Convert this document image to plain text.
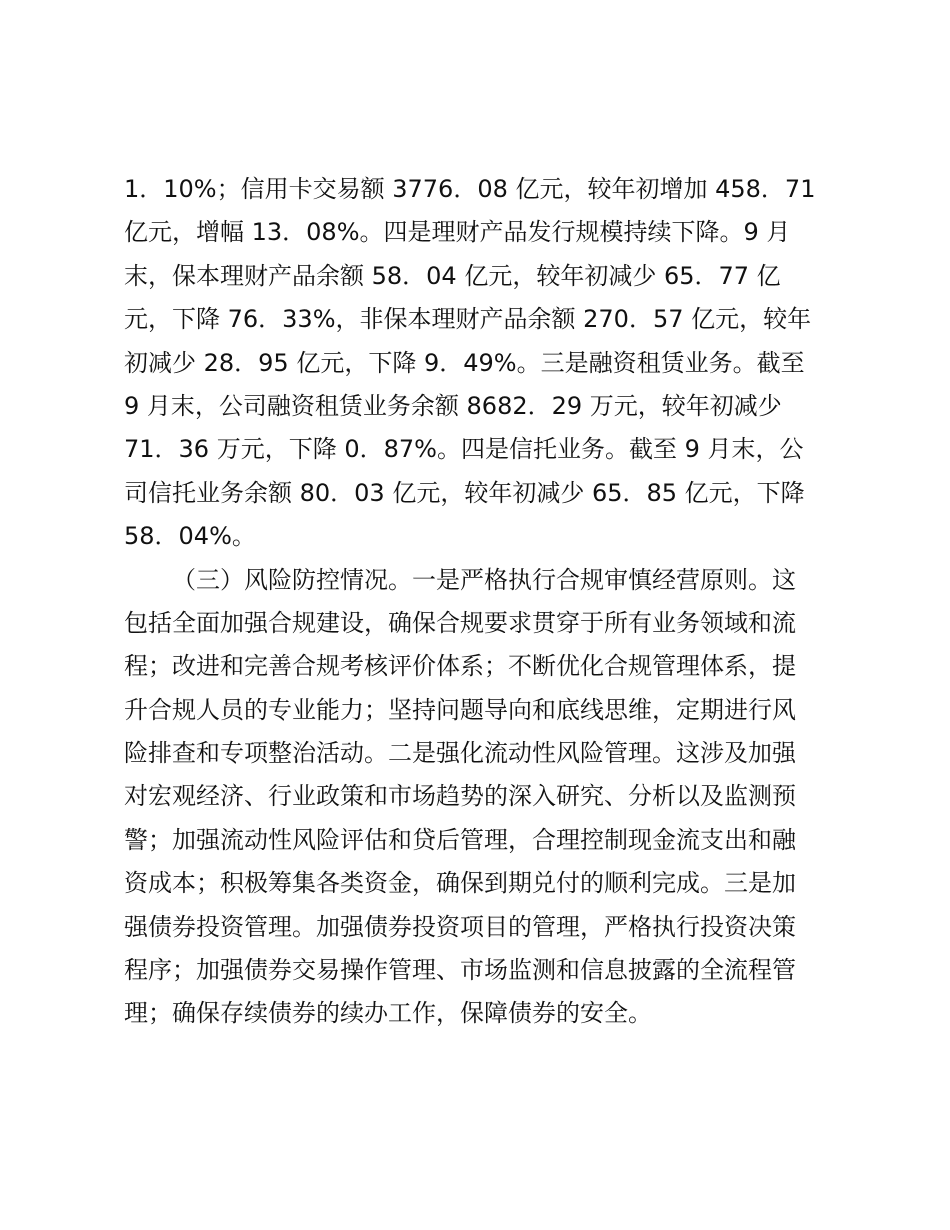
1．10%；信用卡交易额 3776．08 亿元，较年初增加 458．71
亿元，增幅 13．08%。四是理财产品发行规模持续下降。9 月
末，保本理财产品余额 58．04 亿元，较年初减少 65．77 亿
元，下降 76．33%，非保本理财产品余额 270．57 亿元，较年
初减少 28．95 亿元，下降 9．49%。三是融资租赁业务。截至
9 月末，公司融资租赁业务余额 8682．29 万元，较年初减少
71．36 万元，下降 0．87%。四是信托业务。截至 9 月末，公
司信托业务余额 80．03 亿元，较年初减少 65．85 亿元，下降
58．04%。
（三）风险防控情况。一是严格执行合规审慎经营原则。这
包括全面加强合规建设，确保合规要求贯穿于所有业务领域和流
程；改进和完善合规考核评价体系；不断优化合规管理体系，提
升合规人员的专业能力；坚持问题导向和底线思维，定期进行风
险排查和专项整治活动。二是强化流动性风险管理。这涉及加强
对宏观经济、行业政策和市场趋势的深入研究、分析以及监测预
警；加强流动性风险评估和贷后管理，合理控制现金流支出和融
资成本；积极筹集各类资金，确保到期兑付的顺利完成。三是加
强债券投资管理。加强债券投资项目的管理，严格执行投资决策
程序；加强债券交易操作管理、市场监测和信息披露的全流程管
理；确保存续债券的续办工作，保障债券的安全。
